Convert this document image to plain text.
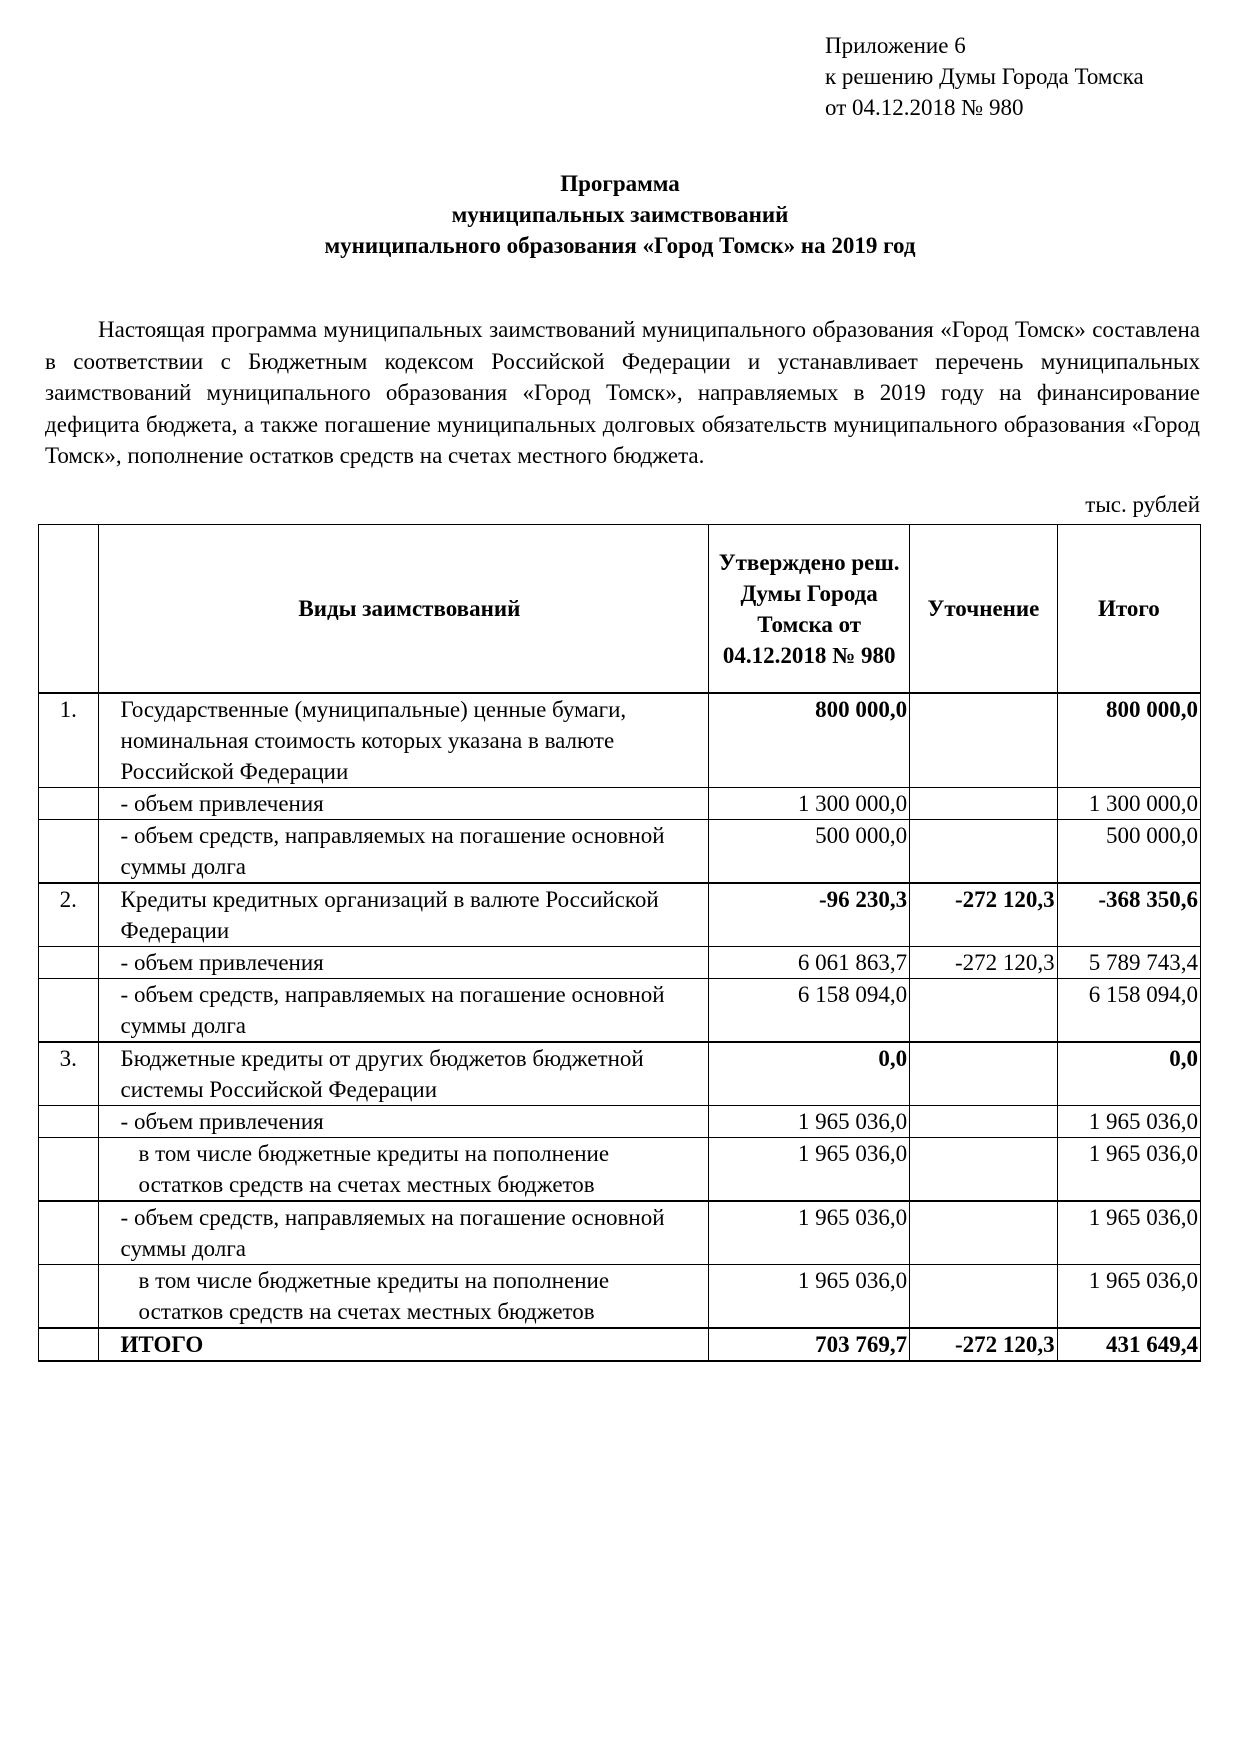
Приложение 6
к решению Думы Города Томска
от 04.12.2018 № 980
Программа
муниципальных заимствований
муниципального образования «Город Томск» на 2019 год
Настоящая программа муниципальных заимствований муниципального образования «Город Томск» составлена в соответствии с Бюджетным кодексом Российской Федерации и устанавливает перечень муниципальных заимствований муниципального образования «Город Томск», направляемых в 2019 году на финансирование дефицита бюджета, а также погашение муниципальных долговых обязательств муниципального образования «Город Томск», пополнение остатков средств на счетах местного бюджета.
тыс. рублей
	Виды заимствований	Утверждено реш. Думы Города Томска от 04.12.2018 № 980	Уточнение	Итого
1.	Государственные (муниципальные) ценные бумаги, номинальная стоимость которых указана в валюте Российской Федерации	800 000,0		800 000,0
	- объем привлечения	1 300 000,0		1 300 000,0
	- объем средств, направляемых на погашение основной суммы долга	500 000,0		500 000,0
2.	Кредиты кредитных организаций в валюте Российской Федерации	-96 230,3	-272 120,3	-368 350,6
	- объем привлечения	6 061 863,7	-272 120,3	5 789 743,4
	- объем средств, направляемых на погашение основной суммы долга	6 158 094,0		6 158 094,0
3.	Бюджетные кредиты от других бюджетов бюджетной системы Российской Федерации	0,0		0,0
	- объем привлечения	1 965 036,0		1 965 036,0
	в том числе бюджетные кредиты на пополнение остатков средств на счетах местных бюджетов	1 965 036,0		1 965 036,0
	- объем средств, направляемых на погашение основной суммы долга	1 965 036,0		1 965 036,0
	в том числе бюджетные кредиты на пополнение остатков средств на счетах местных бюджетов	1 965 036,0		1 965 036,0
	ИТОГО	703 769,7	-272 120,3	431 649,4
